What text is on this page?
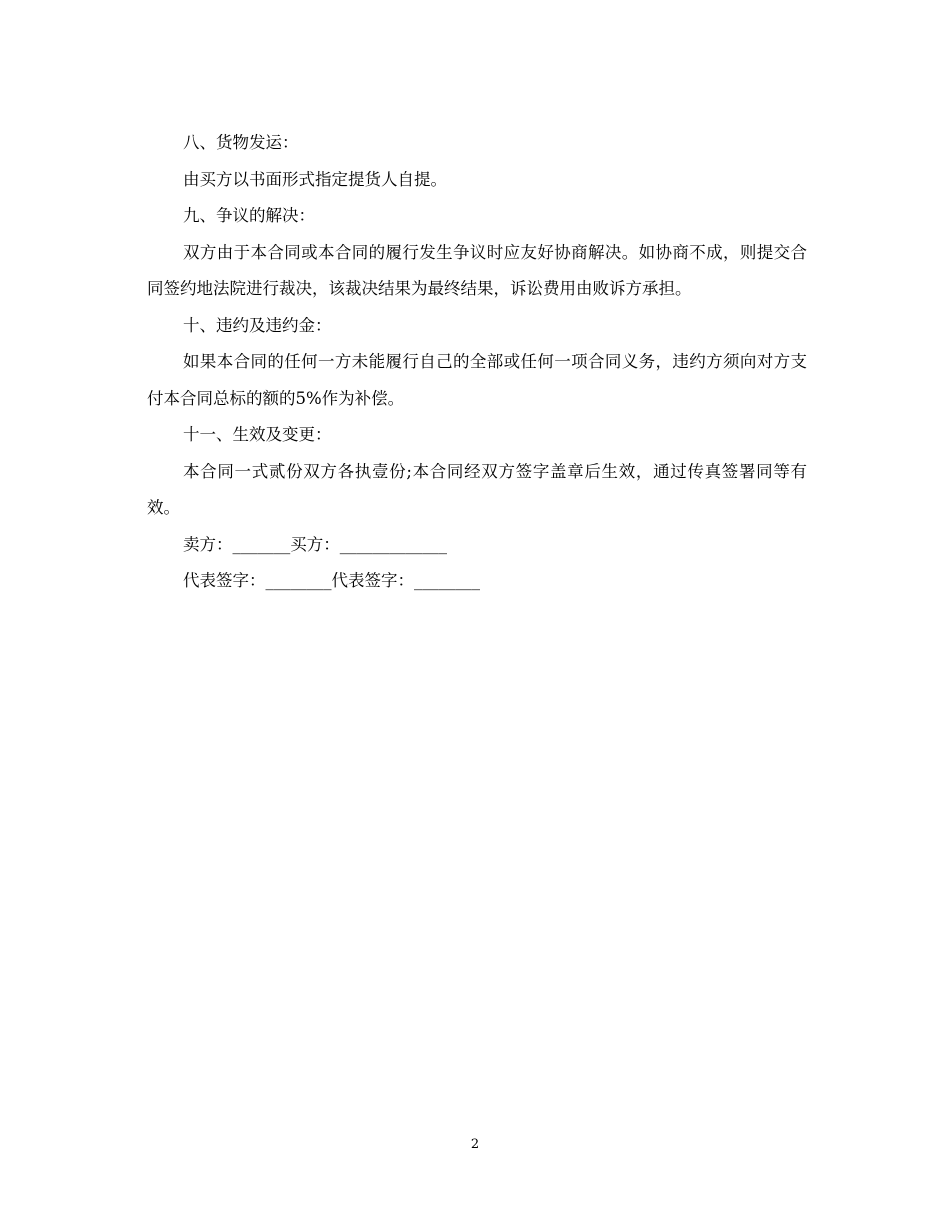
八、货物发运：

由买方以书面形式指定提货人自提。

九、争议的解决：

双方由于本合同或本合同的履行发生争议时应友好协商解决。如协商不成，则提交合同签约地法院进行裁决，该裁决结果为最终结果，诉讼费用由败诉方承担。

十、违约及违约金：

如果本合同的任何一方未能履行自己的全部或任何一项合同义务，违约方须向对方支付本合同总标的额的5%作为补偿。

十一、生效及变更：

本合同一式贰份双方各执壹份;本合同经双方签字盖章后生效，通过传真签署同等有效。

卖方：_______买方：_____________

代表签字：________代表签字：________

2
